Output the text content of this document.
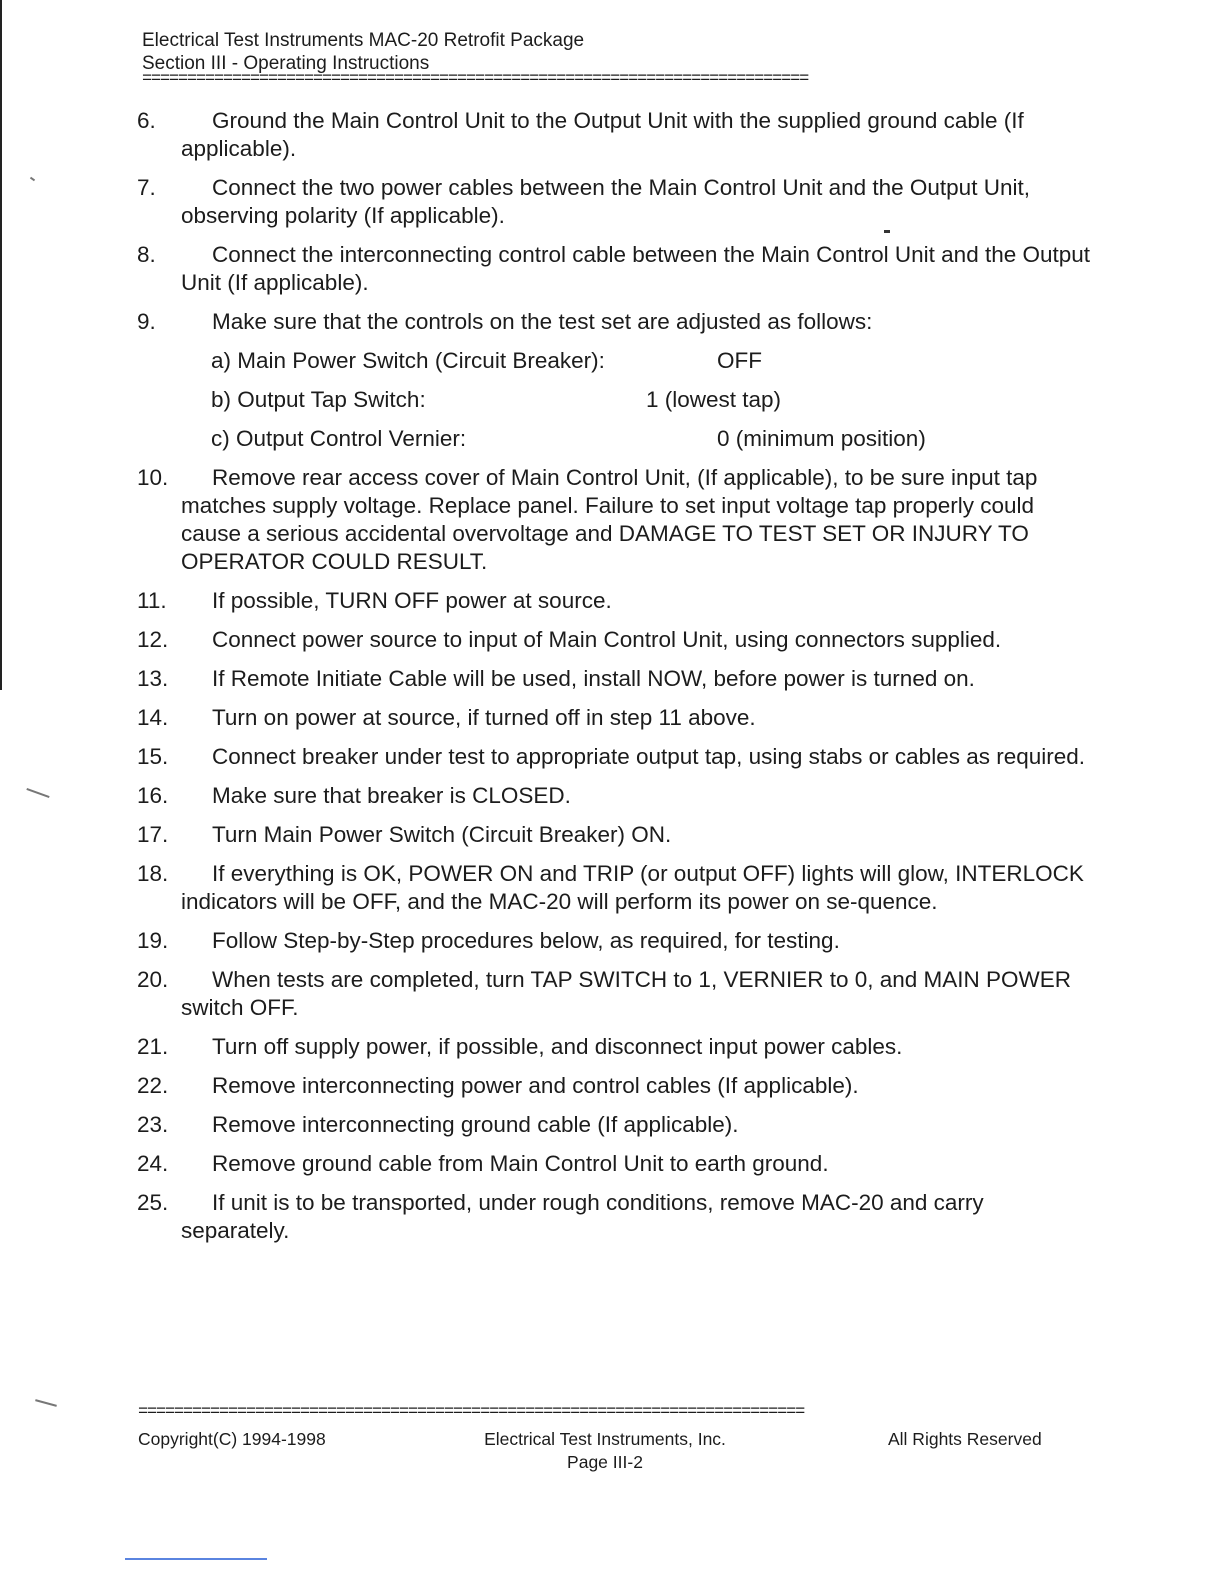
Electrical Test Instruments MAC-20 Retrofit Package
Section III - Operating Instructions
==========================================================================
6.	Ground the Main Control Unit to the Output Unit with the supplied ground cable (If applicable).
7.	Connect the two power cables between the Main Control Unit and the Output Unit, observing polarity (If applicable).
8.	Connect the interconnecting control cable between the Main Control Unit and the Output Unit (If applicable).
9.	Make sure that the controls on the test set are adjusted as follows:
a) Main Power Switch (Circuit Breaker):	OFF
b) Output Tap Switch:	1 (lowest tap)
c) Output Control Vernier:	0 (minimum position)
10.	Remove rear access cover of Main Control Unit, (If applicable), to be sure input tap matches supply voltage. Replace panel. Failure to set input voltage tap properly could cause a serious accidental overvoltage and DAMAGE TO TEST SET OR INJURY TO OPERATOR COULD RESULT.
11.	If possible, TURN OFF power at source.
12.	Connect power source to input of Main Control Unit, using connectors supplied.
13.	If Remote Initiate Cable will be used, install NOW, before power is turned on.
14.	Turn on power at source, if turned off in step 11 above.
15.	Connect breaker under test to appropriate output tap, using stabs or cables as required.
16.	Make sure that breaker is CLOSED.
17.	Turn Main Power Switch (Circuit Breaker) ON.
18.	If everything is OK, POWER ON and TRIP (or output OFF) lights will glow, INTERLOCK indicators will be OFF, and the MAC-20 will perform its power on se-quence.
19.	Follow Step-by-Step procedures below, as required, for testing.
20.	When tests are completed, turn TAP SWITCH to 1, VERNIER to 0, and MAIN POWER switch OFF.
21.	Turn off supply power, if possible, and disconnect input power cables.
22.	Remove interconnecting power and control cables (If applicable).
23.	Remove interconnecting ground cable (If applicable).
24.	Remove ground cable from Main Control Unit to earth ground.
25.	If unit is to be transported, under rough conditions, remove MAC-20 and carry separately.
==========================================================================
Copyright(C) 1994-1998	Electrical Test Instruments, Inc.
Page III-2
All Rights Reserved
